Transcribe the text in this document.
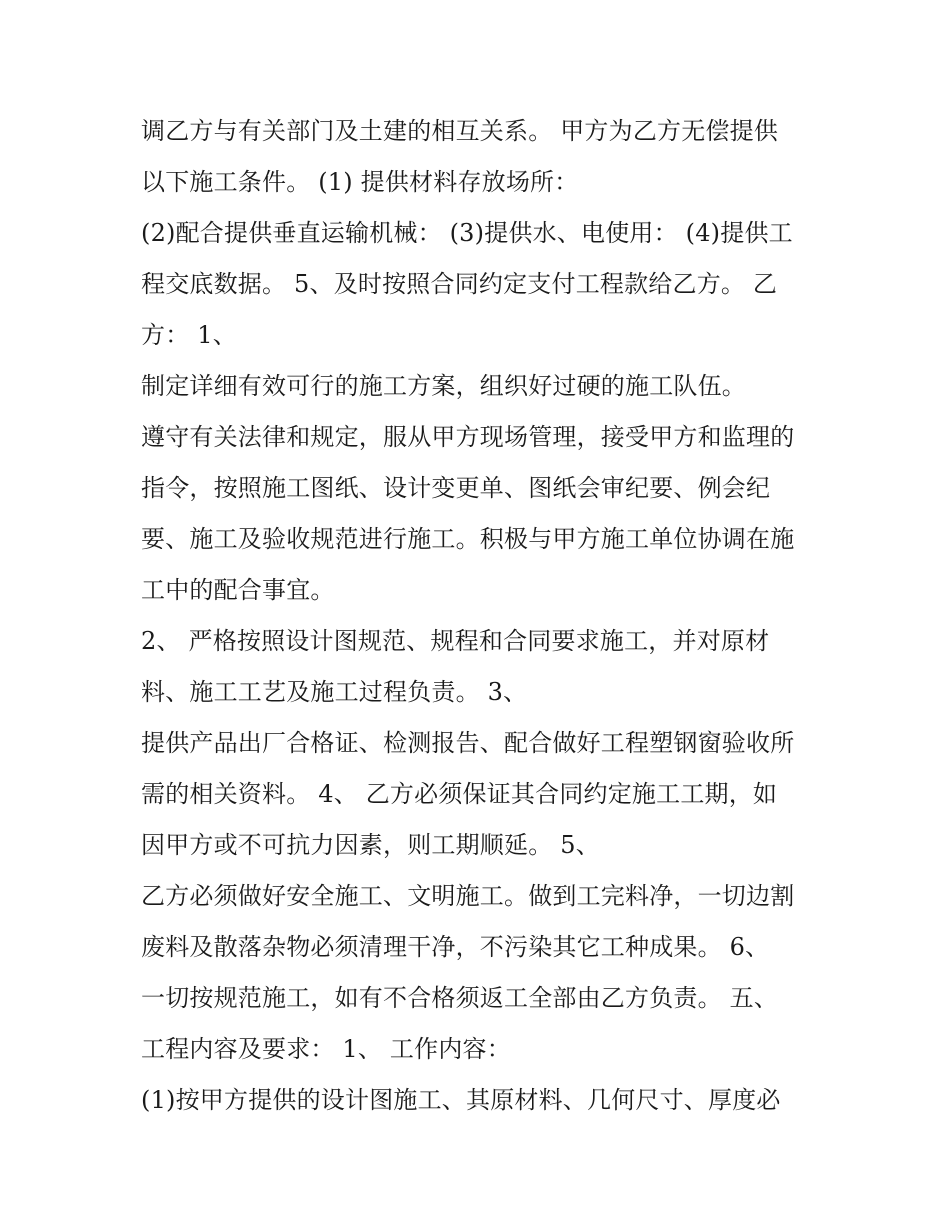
调乙方与有关部门及土建的相互关系。 甲方为乙方无偿提供
以下施工条件。 (1) 提供材料存放场所：
(2)配合提供垂直运输机械： (3)提供水、电使用： (4)提供工
程交底数据。 5、及时按照合同约定支付工程款给乙方。 乙
方： 1、
制定详细有效可行的施工方案，组织好过硬的施工队伍。
遵守有关法律和规定，服从甲方现场管理，接受甲方和监理的
指令，按照施工图纸、设计变更单、图纸会审纪要、例会纪
要、施工及验收规范进行施工。积极与甲方施工单位协调在施
工中的配合事宜。
2、 严格按照设计图规范、规程和合同要求施工，并对原材
料、施工工艺及施工过程负责。 3、
提供产品出厂合格证、检测报告、配合做好工程塑钢窗验收所
需的相关资料。 4、 乙方必须保证其合同约定施工工期，如
因甲方或不可抗力因素，则工期顺延。 5、
乙方必须做好安全施工、文明施工。做到工完料净，一切边割
废料及散落杂物必须清理干净，不污染其它工种成果。 6、
一切按规范施工，如有不合格须返工全部由乙方负责。 五、
工程内容及要求： 1、 工作内容：
(1)按甲方提供的设计图施工、其原材料、几何尺寸、厚度必
